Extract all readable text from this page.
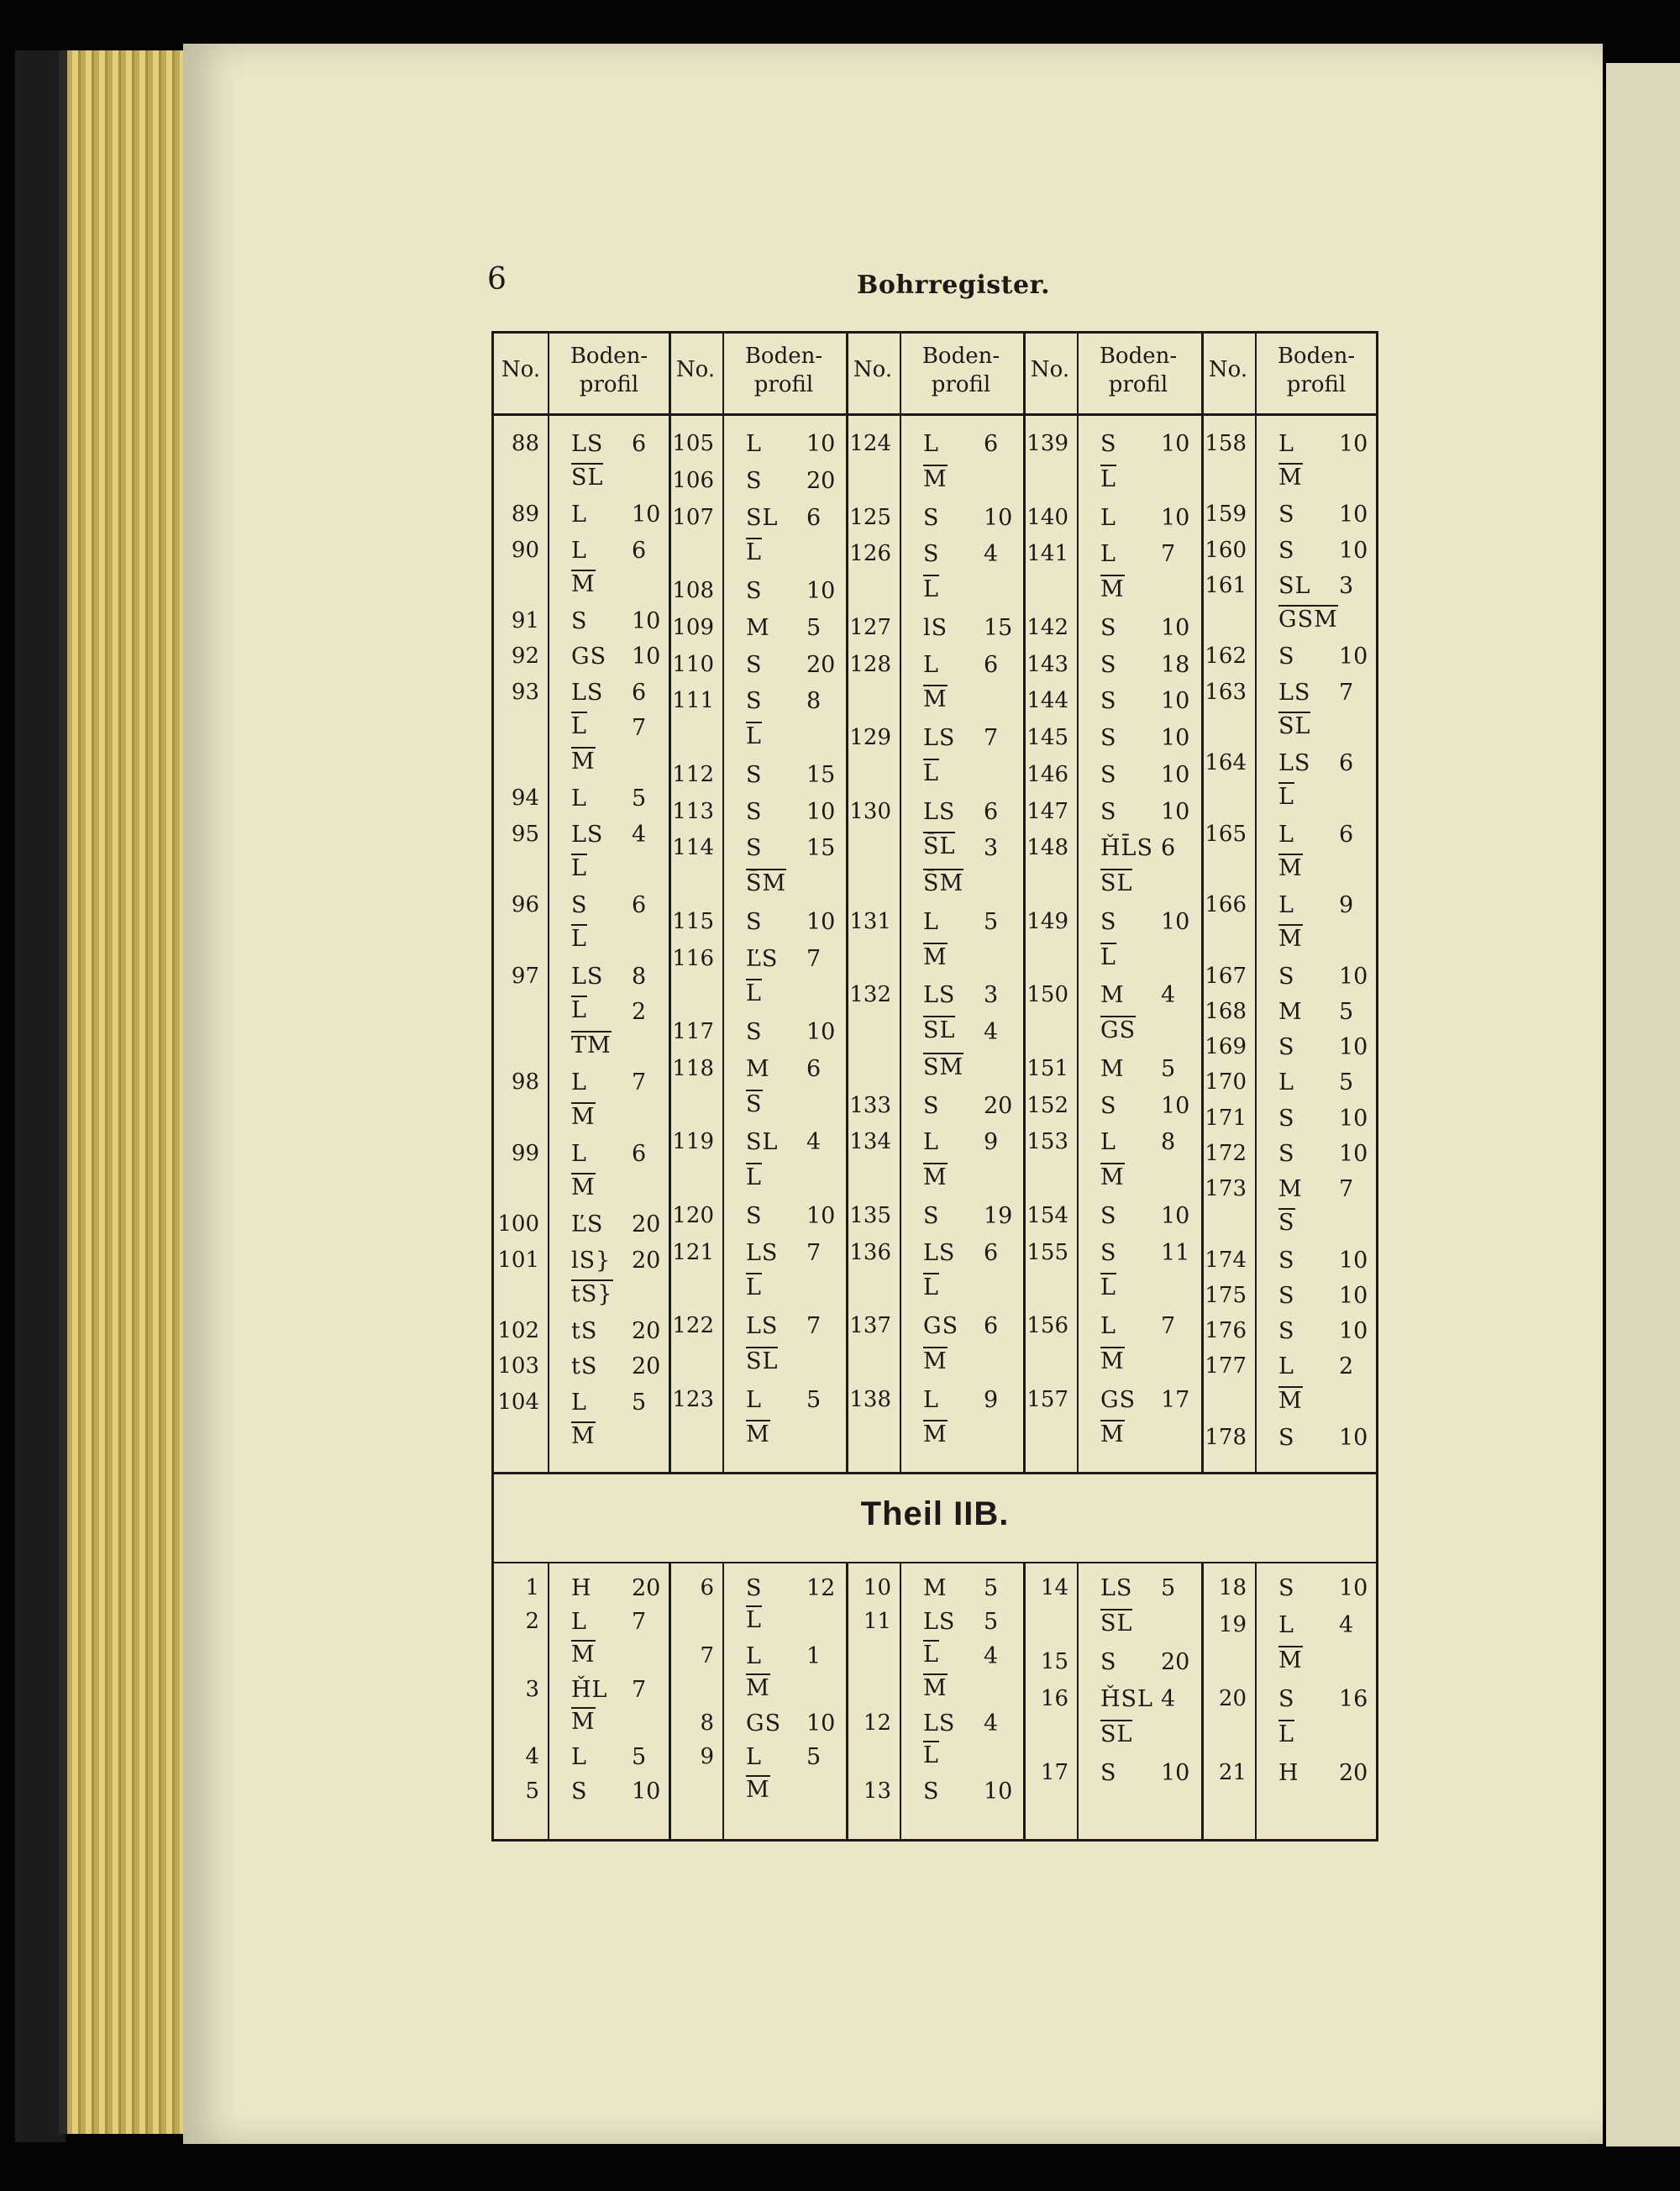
6	Bohrregister.
Theil IIB.
No.
Boden-
profil
No.
Boden-
profil
No.
Boden-
profil
No.
Boden-
profil
No.
Boden-
profil
88 LS 6
SL
89 L 10
90 L 6
M
91 S 10
92 GS 10
93 LS 6
L 7
M
94 L 5
95 LS 4
L
96 S 6
L
97 LS 8
L 2
TM
98 L 7
M
99 L 6
M
100 ĽS 20
101 lS} 20
tS}
102 tS 20
103 tS 20
104 L 5
M
105 L 10
106 S 20
107 SL 6
L
108 S 10
109 M 5
110 S 20
111 S 8
L
112 S 15
113 S 10
114 S 15
S̄M
115 S 10
116 ĽS 7
L
117 S 10
118 M 6
S
119 SL 4
L
120 S 10
121 LS 7
L
122 LS 7
SL
123 L 5
M
124 L 6
M
125 S 10
126 S 4
L
127 lS 15
128 L 6
M
129 LS 7
L
130 LS 6
S̄L 3
S̄M
131 L 5
M
132 LS 3
SL 4
SM
133 S 20
134 L 9
M
135 S 19
136 LS 6
L
137 GS 6
M
138 L 9
M
139 S 10
L
140 L 10
141 L 7
M
142 S 10
143 S 18
144 S 10
145 S 10
146 S 10
147 S 10
148 ȞL̄S 6
SL
149 S 10
L
150 M 4
GS
151 M 5
152 S 10
153 L 8
M
154 S 10
155 S 11
L
156 L 7
M
157 GS 17
M
158 L 10
M
159 S 10
160 S 10
161 SL 3
GSM
162 S 10
163 LS 7
SL
164 LS 6
L
165 L 6
M
166 L 9
M
167 S 10
168 M 5
169 S 10
170 L 5
171 S 10
172 S 10
173 M 7
S
174 S 10
175 S 10
176 S 10
177 L 2
M
178 S 10
1 H 20
2 L 7
M
3 ȞL 7
M
4 L 5
5 S 10
6 S 12
L
7 L 1
M
8 GS 10
9 L 5
M
10 M 5
11 LS 5
L 4
M
12 LS 4
L
13 S 10
14 LS 5
SL
15 S 20
16 ȞSL 4
SL
17 S 10
18 S 10
19 L 4
M
20 S 16
L
21 H 20
